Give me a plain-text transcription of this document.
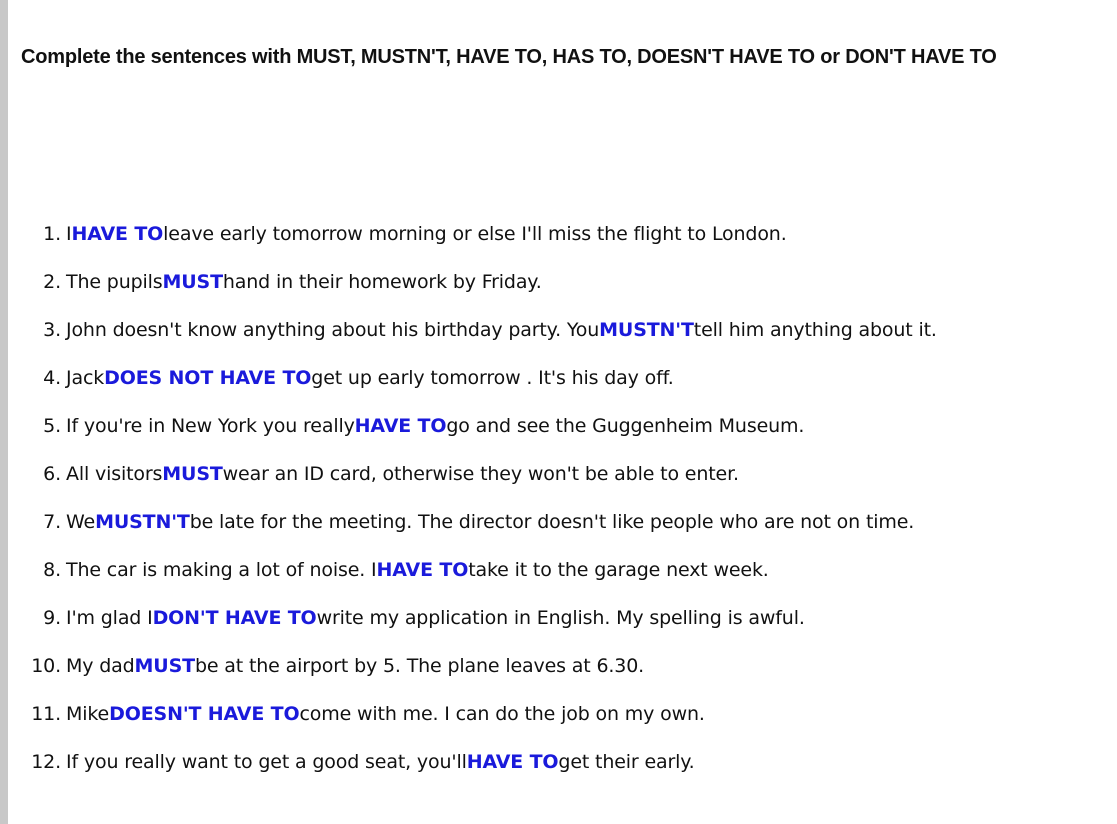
Complete the sentences with MUST, MUSTN'T, HAVE TO, HAS TO, DOESN'T HAVE TO or DON'T HAVE TO
1. I HAVE TO leave early tomorrow morning or else I'll miss the flight to London.
2. The pupils MUST hand in their homework by Friday.
3. John doesn't know anything about his birthday party. You MUSTN'T tell him anything about it.
4. Jack DOES NOT HAVE TO get up early tomorrow . It's his day off.
5. If you're in New York you really HAVE TO go and see the Guggenheim Museum.
6. All visitors MUST wear an ID card, otherwise they won't be able to enter.
7. We MUSTN'T be late for the meeting. The director doesn't like people who are not on time.
8. The car is making a lot of noise. I HAVE TO take it to the garage next week.
9. I'm glad I DON'T HAVE TO write my application in English. My spelling is awful.
10. My dad MUST be at the airport by 5. The plane leaves at 6.30.
11. Mike DOESN'T HAVE TO come with me. I can do the job on my own.
12. If you really want to get a good seat, you'll HAVE TO get their early.
